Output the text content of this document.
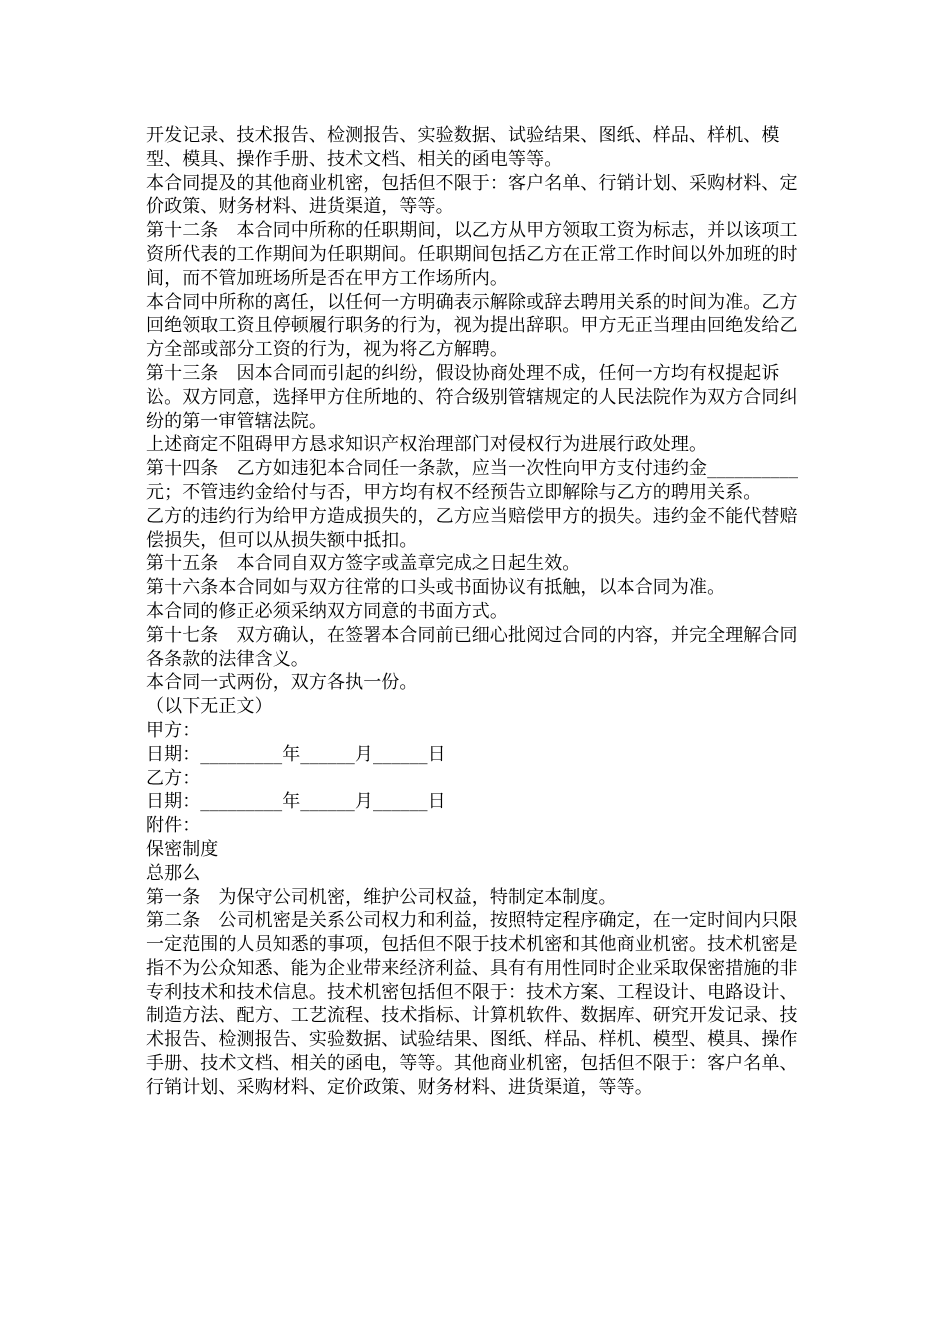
开发记录、技术报告、检测报告、实验数据、试验结果、图纸、样品、样机、模型、模具、操作手册、技术文档、相关的函电等等。

本合同提及的其他商业机密，包括但不限于：客户名单、行销计划、采购材料、定价政策、财务材料、进货渠道，等等。

第十二条　本合同中所称的任职期间，以乙方从甲方领取工资为标志，并以该项工资所代表的工作期间为任职期间。任职期间包括乙方在正常工作时间以外加班的时间，而不管加班场所是否在甲方工作场所内。

本合同中所称的离任，以任何一方明确表示解除或辞去聘用关系的时间为准。乙方回绝领取工资且停顿履行职务的行为，视为提出辞职。甲方无正当理由回绝发给乙方全部或部分工资的行为，视为将乙方解聘。

第十三条　因本合同而引起的纠纷，假设协商处理不成，任何一方均有权提起诉讼。双方同意，选择甲方住所地的、符合级别管辖规定的人民法院作为双方合同纠纷的第一审管辖法院。

上述商定不阻碍甲方恳求知识产权治理部门对侵权行为进展行政处理。

第十四条　乙方如违犯本合同任一条款，应当一次性向甲方支付违约金__________元；不管违约金给付与否，甲方均有权不经预告立即解除与乙方的聘用关系。

乙方的违约行为给甲方造成损失的，乙方应当赔偿甲方的损失。违约金不能代替赔偿损失，但可以从损失额中抵扣。

第十五条　本合同自双方签字或盖章完成之日起生效。

第十六条本合同如与双方往常的口头或书面协议有抵触，以本合同为准。

本合同的修正必须采纳双方同意的书面方式。

第十七条　双方确认，在签署本合同前已细心批阅过合同的内容，并完全理解合同各条款的法律含义。

本合同一式两份，双方各执一份。

（以下无正文）

甲方：

日期：_________年______月______日

乙方：

日期：_________年______月______日

附件：

保密制度

总那么

第一条　为保守公司机密，维护公司权益，特制定本制度。

第二条　公司机密是关系公司权力和利益，按照特定程序确定，在一定时间内只限一定范围的人员知悉的事项，包括但不限于技术机密和其他商业机密。技术机密是指不为公众知悉、能为企业带来经济利益、具有有用性同时企业采取保密措施的非专利技术和技术信息。技术机密包括但不限于：技术方案、工程设计、电路设计、制造方法、配方、工艺流程、技术指标、计算机软件、数据库、研究开发记录、技术报告、检测报告、实验数据、试验结果、图纸、样品、样机、模型、模具、操作手册、技术文档、相关的函电，等等。其他商业机密，包括但不限于：客户名单、行销计划、采购材料、定价政策、财务材料、进货渠道，等等。
